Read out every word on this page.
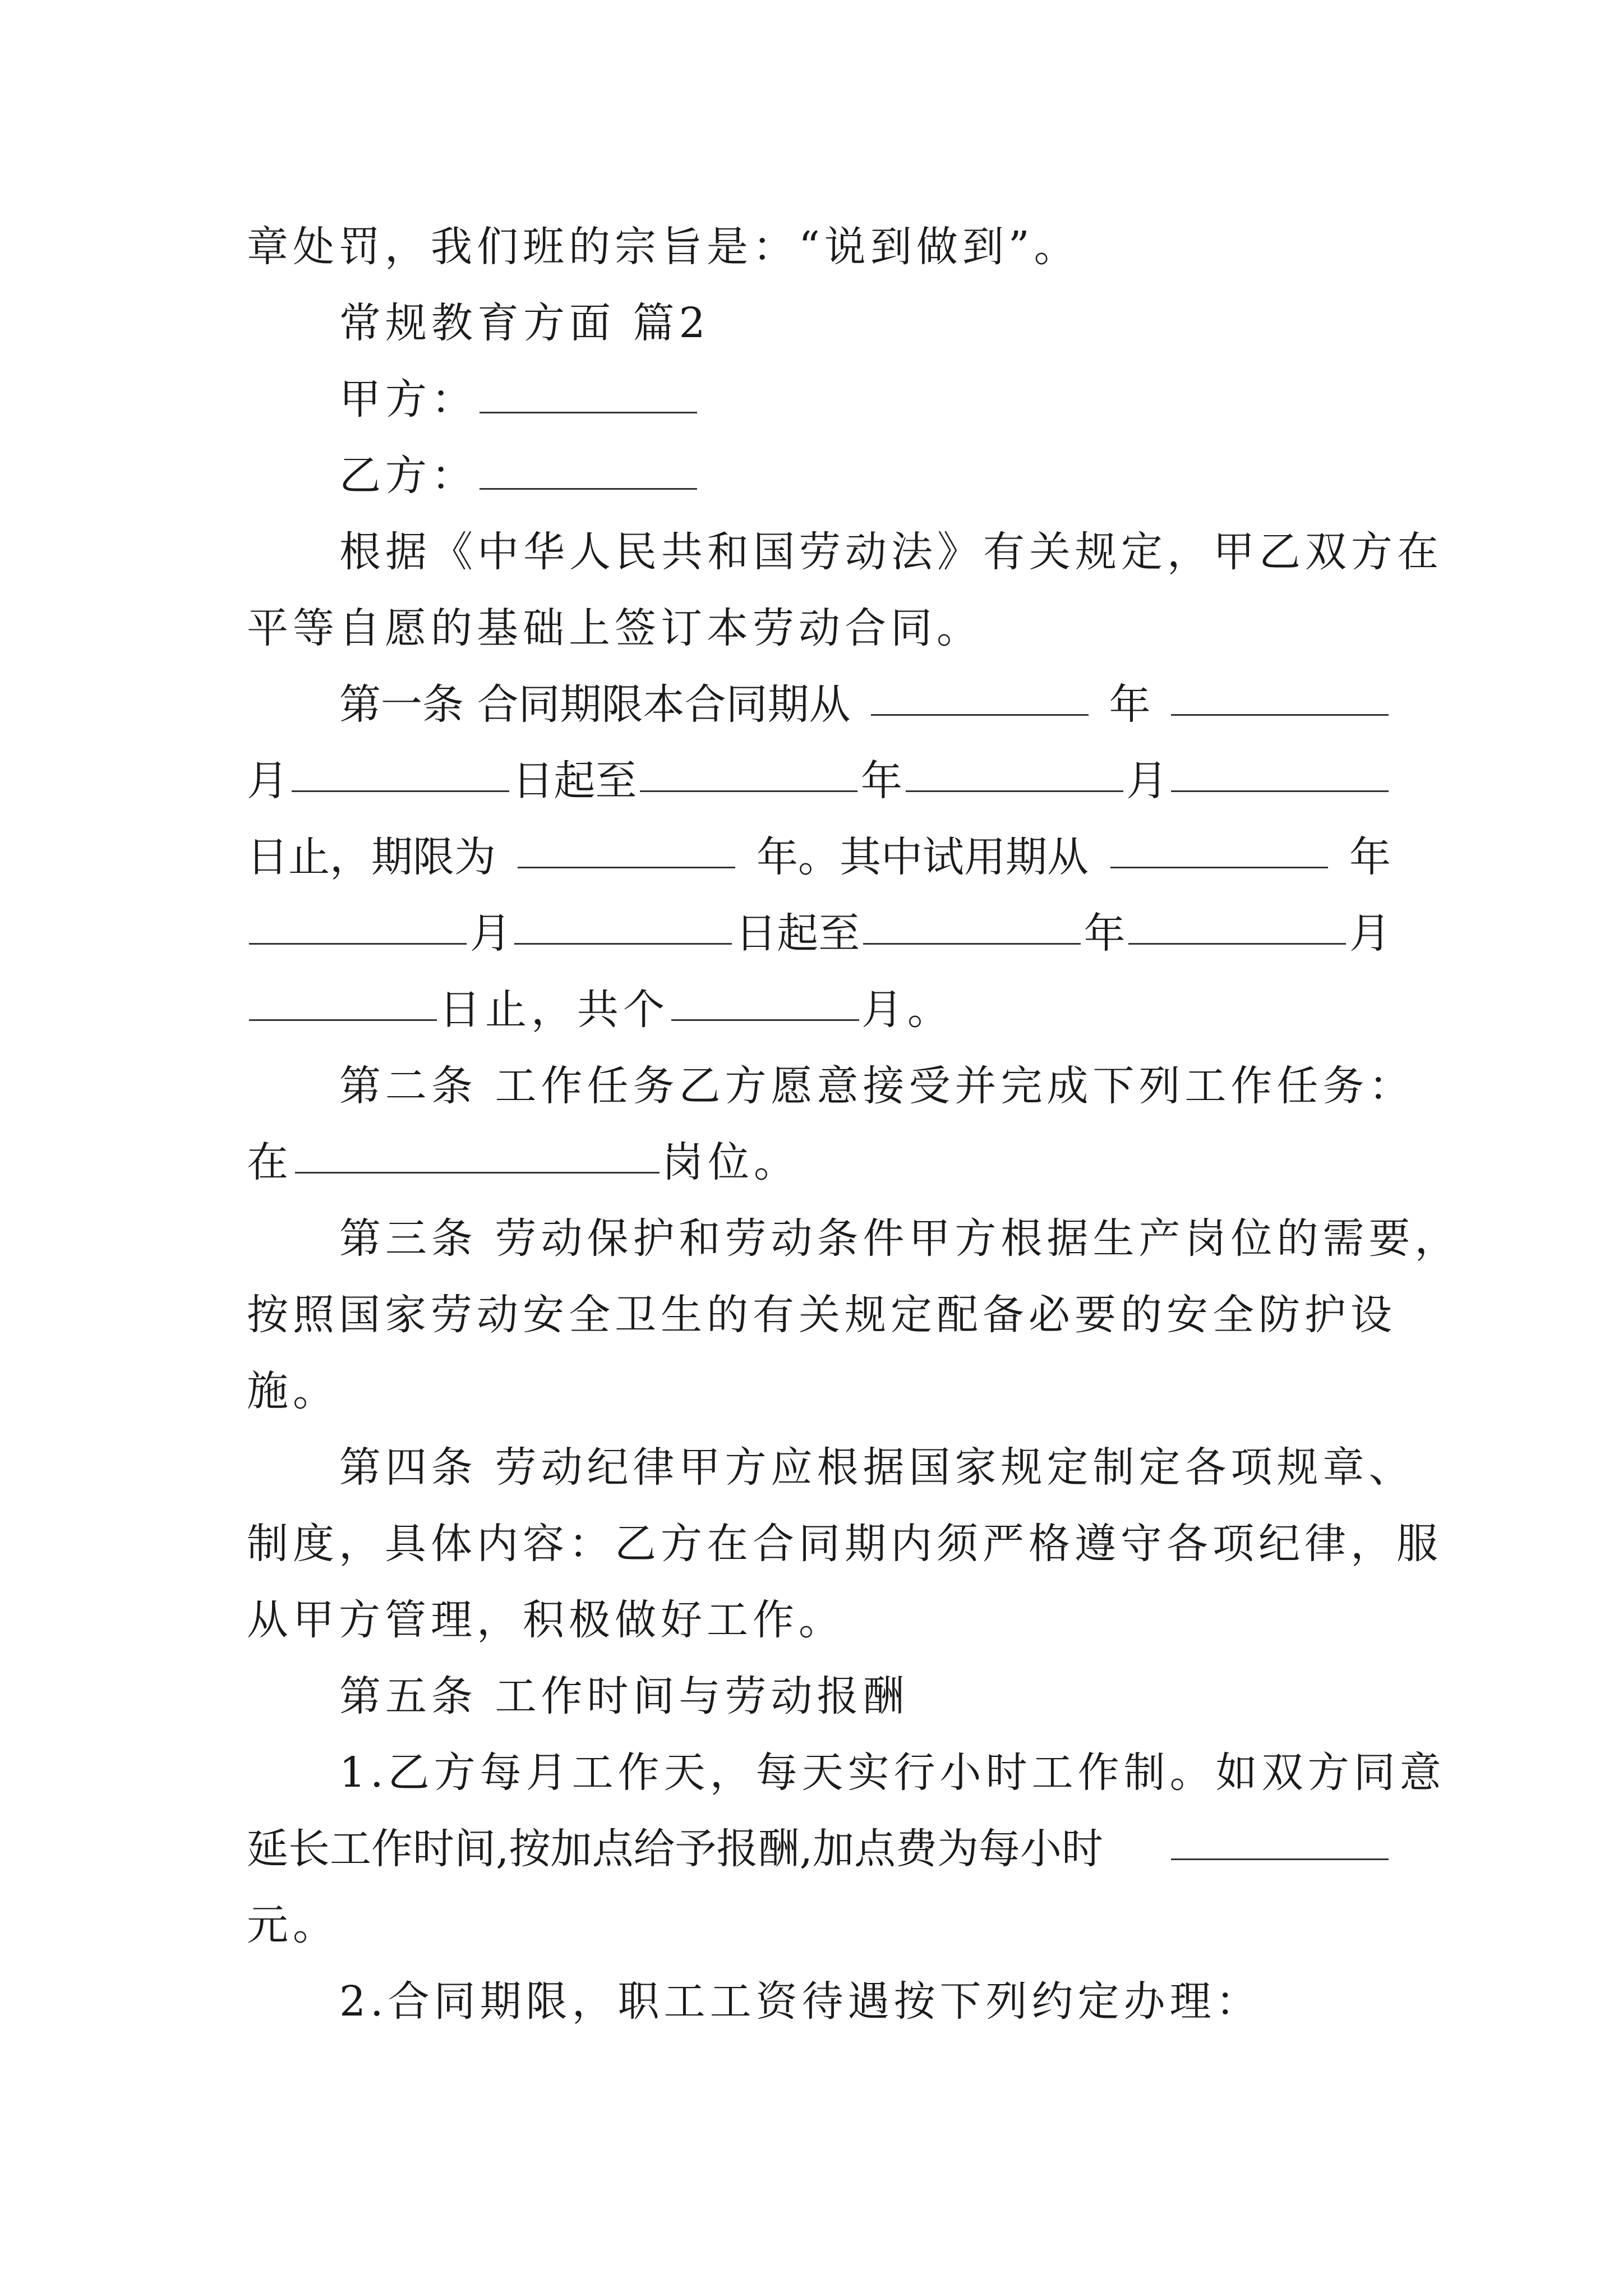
章处罚，我们班的宗旨是：“说到做到”。
常规教育方面 篇2
甲方：
乙方：
根据《中华人民共和国劳动法》有关规定，甲乙双方在
平等自愿的基础上签订本劳动合同。
第一条 合同期限本合同期从	年
月	日起至	年	月
日止，期限为	年。其中试用期从	年
月	日起至	年	月
日止，共个	月。
第二条 工作任务乙方愿意接受并完成下列工作任务：
在	岗位。
第三条 劳动保护和劳动条件甲方根据生产岗位的需要，
按照国家劳动安全卫生的有关规定配备必要的安全防护设
施。
第四条 劳动纪律甲方应根据国家规定制定各项规章、
制度，具体内容：乙方在合同期内须严格遵守各项纪律，服
从甲方管理，积极做好工作。
第五条 工作时间与劳动报酬
1.乙方每月工作天，每天实行小时工作制。如双方同意
延长工作时间,按加点给予报酬,加点费为每小时
元。
2.合同期限，职工工资待遇按下列约定办理：
